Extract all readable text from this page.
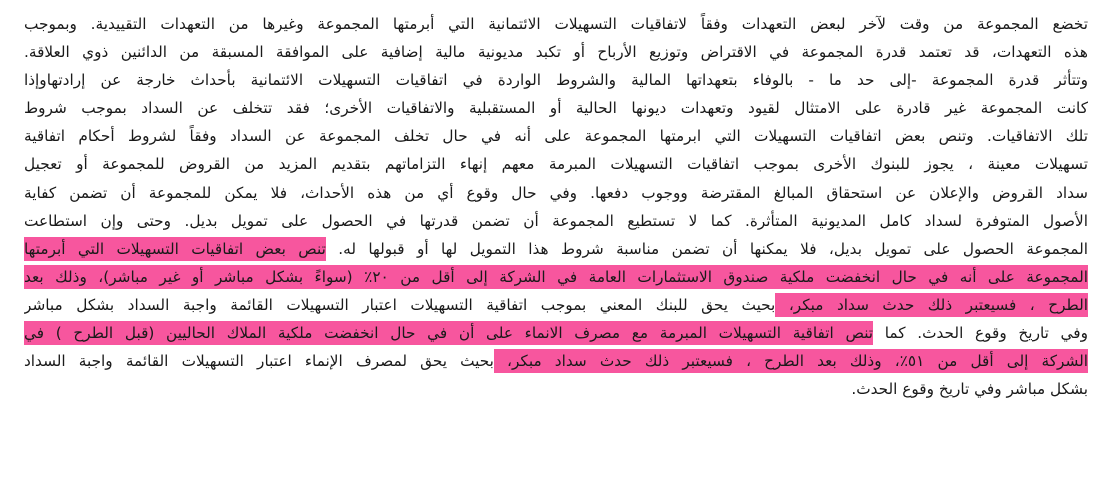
تخضع المجموعة من وقت لآخر لبعض التعهدات وفقاً لاتفاقيات التسهيلات الائتمانية التي أبرمتها المجموعة وغيرها من التعهدات التقييدية. وبموجب
هذه التعهدات، قد تعتمد قدرة المجموعة في الاقتراض وتوزيع الأرباح أو تكبد مديونية مالية إضافية على الموافقة المسبقة من الدائنين ذوي العلاقة.
وتتأثر قدرة المجموعة -إلى حد ما - بالوفاء بتعهداتها المالية والشروط الواردة في اتفاقيات التسهيلات الائتمانية بأحداث خارجة عن إرادتهاوإذا
كانت المجموعة غير قادرة على الامتثال لقيود وتعهدات ديونها الحالية أو المستقبلية والاتفاقيات الأخرى؛ فقد تتخلف عن السداد بموجب شروط
تلك الاتفاقيات. وتنص بعض اتفاقيات التسهيلات التي ابرمتها المجموعة على أنه في حال تخلف المجموعة عن السداد وفقاً لشروط أحكام اتفاقية
تسهيلات معينة ، يجوز للبنوك الأخرى بموجب اتفاقيات التسهيلات المبرمة معهم إنهاء التزاماتهم بتقديم المزيد من القروض للمجموعة أو تعجيل
سداد القروض والإعلان عن استحقاق المبالغ المقترضة ووجوب دفعها. وفي حال وقوع أي من هذه الأحداث، فلا يمكن للمجموعة أن تضمن كفاية
الأصول المتوفرة لسداد كامل المديونية المتأثرة. كما لا تستطيع المجموعة أن تضمن قدرتها في الحصول على تمويل بديل. وحتى وإن استطاعت
المجموعة الحصول على تمويل بديل، فلا يمكنها أن تضمن مناسبة شروط هذا التمويل لها أو قبولها له. تنص بعض اتفاقيات التسهيلات التي أبرمتها
المجموعة على أنه في حال انخفضت ملكية صندوق الاستثمارات العامة في الشركة إلى أقل من ٢٠٪ (سواءً بشكل مباشر أو غير مباشر)، وذلك بعد
الطرح ، فسيعتبر ذلك حدث سداد مبكر، بحيث يحق للبنك المعني بموجب اتفاقية التسهيلات اعتبار التسهيلات القائمة واجبة السداد بشكل مباشر
وفي تاريخ وقوع الحدث. كما تنص اتفاقية التسهيلات المبرمة مع مصرف الانماء على أن في حال انخفضت ملكية الملاك الحاليين (قبل الطرح ) في
الشركة إلى أقل من ٥١٪، وذلك بعد الطرح ، فسيعتبر ذلك حدث سداد مبكر، بحيث يحق لمصرف الإنماء اعتبار التسهيلات القائمة واجبة السداد
بشكل مباشر وفي تاريخ وقوع الحدث.
